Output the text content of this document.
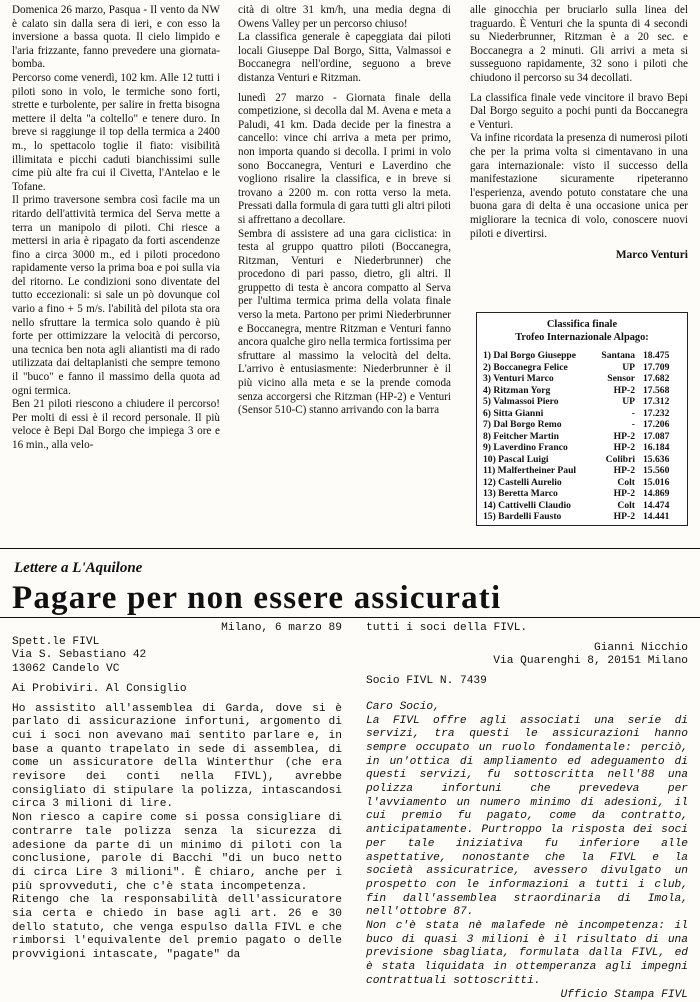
Domenica 26 marzo, Pasqua - Il vento da NW è calato sin dalla sera di ieri, e con esso la inversione a bassa quota. Il cielo limpido e l'aria frizzante, fanno prevedere una giornata-bomba.

Percorso come venerdì, 102 km. Alle 12 tutti i piloti sono in volo, le termiche sono forti, strette e turbolente, per salire in fretta bisogna mettere il delta "a coltello" e tenere duro. In breve si raggiunge il top della termica a 2400 m., lo spettacolo toglie il fiato: visibilità illimitata e picchi caduti bianchissimi sulle cime più alte fra cui il Civetta, l'Antelao e le Tofane.

Il primo traversone sembra così facile ma un ritardo dell'attività termica del Serva mette a terra un manipolo di piloti. Chi riesce a mettersi in aria è ripagato da forti ascendenze fino a circa 3000 m., ed i piloti procedono rapidamente verso la prima boa e poi sulla via del ritorno. Le condizioni sono diventate del tutto eccezionali: si sale un pò dovunque col vario a fino + 5 m/s. l'abilità del pilota sta ora nello sfruttare la termica solo quando è più forte per ottimizzare la velocità di percorso, una tecnica ben nota agli aliantisti ma di rado utilizzata dai deltaplanisti che sempre temono il "buco" e fanno il massimo della quota ad ogni termica.

Ben 21 piloti riescono a chiudere il percorso! Per molti di essi è il record personale. Il più veloce è Bepi Dal Borgo che impiega 3 ore e 16 min., alla velo-

cità di oltre 31 km/h, una media degna di Owens Valley per un percorso chiuso!

La classifica generale è capeggiata dai piloti locali Giuseppe Dal Borgo, Sitta, Valmassoi e Boccanegra nell'ordine, seguono a breve distanza Venturi e Ritzman.

lunedì 27 marzo - Giornata finale della competizione, si decolla dal M. Avena e meta a Paludi, 41 km. Dada decide per la finestra a cancello: vince chi arriva a meta per primo, non importa quando si decolla. I primi in volo sono Boccanegra, Venturi e Laverdino che vogliono risalire la classifica, e in breve si trovano a 2200 m. con rotta verso la meta. Pressati dalla formula di gara tutti gli altri piloti si affrettano a decollare.

Sembra di assistere ad una gara ciclistica: in testa al gruppo quattro piloti (Boccanegra, Ritzman, Venturi e Niederbrunner) che procedono di pari passo, dietro, gli altri. Il gruppetto di testa è ancora compatto al Serva per l'ultima termica prima della volata finale verso la meta. Partono per primi Niederbrunner e Boccanegra, mentre Ritzman e Venturi fanno ancora qualche giro nella termica fortissima per sfruttare al massimo la velocità del delta. L'arrivo è entusiasmente: Niederbrunner è il più vicino alla meta e se la prende comoda senza accorgersi che Ritzman (HP-2) e Venturi (Sensor 510-C) stanno arrivando con la barra

alle ginocchia per bruciarlo sulla linea del traguardo. È Venturi che la spunta di 4 secondi su Niederbrunner, Ritzman è a 20 sec. e Boccanegra a 2 minuti. Gli arrivi a meta si susseguono rapidamente, 32 sono i piloti che chiudono il percorso su 34 decollati.

La classifica finale vede vincitore il bravo Bepi Dal Borgo seguito a pochi punti da Boccanegra e Venturi.

Va infine ricordata la presenza di numerosi piloti che per la prima volta si cimentavano in una gara internazionale: visto il successo della manifestazione sicuramente ripeteranno l'esperienza, avendo potuto constatare che una buona gara di delta è una occasione unica per migliorare la tecnica di volo, conoscere nuovi piloti e divertirsi.

Marco Venturi
Classifica finale
Trofeo Internazionale Alpago:
1) Dal Borgo Giuseppe	Santana 18.475
2) Boccanegra Felice	UP 17.709
3) Venturi Marco	Sensor 17.682
4) Ritzman Yorg	HP-2 17.568
5) Valmassoi Piero	UP 17.312
6) Sitta Gianni	- 17.232
7) Dal Borgo Remo	- 17.206
8) Feitcher Martin	HP-2 17.087
9) Laverdino Franco	HP-2 16.184
10) Pascal Luigi	Colibri 15.636
11) Malfertheiner Paul	HP-2 15.560
12) Castelli Aurelio	Colt 15.016
13) Beretta Marco	HP-2 14.869
14) Cattivelli Claudio	Colt 14.474
15) Bardelli Fausto	HP-2 14.441
Lettere a L'Aquilone
Pagare per non essere assicurati

Milano, 6 marzo 89

Spett.le FIVL
Via S. Sebastiano 42
13062 Candelo VC

Ai Probiviri. Al Consiglio

Ho assistito all'assemblea di Garda, dove si è parlato di assicurazione infortuni, argomento di cui i soci non avevano mai sentito parlare e, in base a quanto trapelato in sede di assemblea, di come un assicuratore della Winterthur (che era revisore dei conti nella FIVL), avrebbe consigliato di stipulare la polizza, intascandosi circa 3 milioni di lire.

Non riesco a capire come si possa consigliare di contrarre tale polizza senza la sicurezza di adesione da parte di un minimo di piloti con la conclusione, parole di Bacchi "di un buco netto di circa Lire 3 milioni". È chiaro, anche per i più sprovveduti, che c'è stata incompetenza.

Ritengo che la responsabilità dell'assicuratore sia certa e chiedo in base agli art. 26 e 30 dello statuto, che venga espulso dalla FIVL e che rimborsi l'equivalente del premio pagato o delle provvigioni intascate, "pagate" da

tutti i soci della FIVL.

Gianni Nicchio

Via Quarenghi 8, 20151 Milano

Socio FIVL N. 7439

Caro Socio,

La FIVL offre agli associati una serie di servizi, tra questi le assicurazioni hanno sempre occupato un ruolo fondamentale: perciò, in un'ottica di ampliamento ed adeguamento di questi servizi, fu sottoscritta nell'88 una polizza infortuni che prevedeva per l'avviamento un numero minimo di adesioni, il cui premio fu pagato, come da contratto, anticipatamente. Purtroppo la risposta dei soci per tale iniziativa fu inferiore alle aspettative, nonostante che la FIVL e la società assicuratrice, avessero divulgato un prospetto con le informazioni a tutti i club, fin dall'assemblea straordinaria di Imola, nell'ottobre 87.

Non c'è stata nè malafede nè incompetenza: il buco di quasi 3 milioni è il risultato di una previsione sbagliata, formulata dalla FIVL, ed è stata liquidata in ottemperanza agli impegni contrattuali sottoscritti.

Ufficio Stampa FIVL
